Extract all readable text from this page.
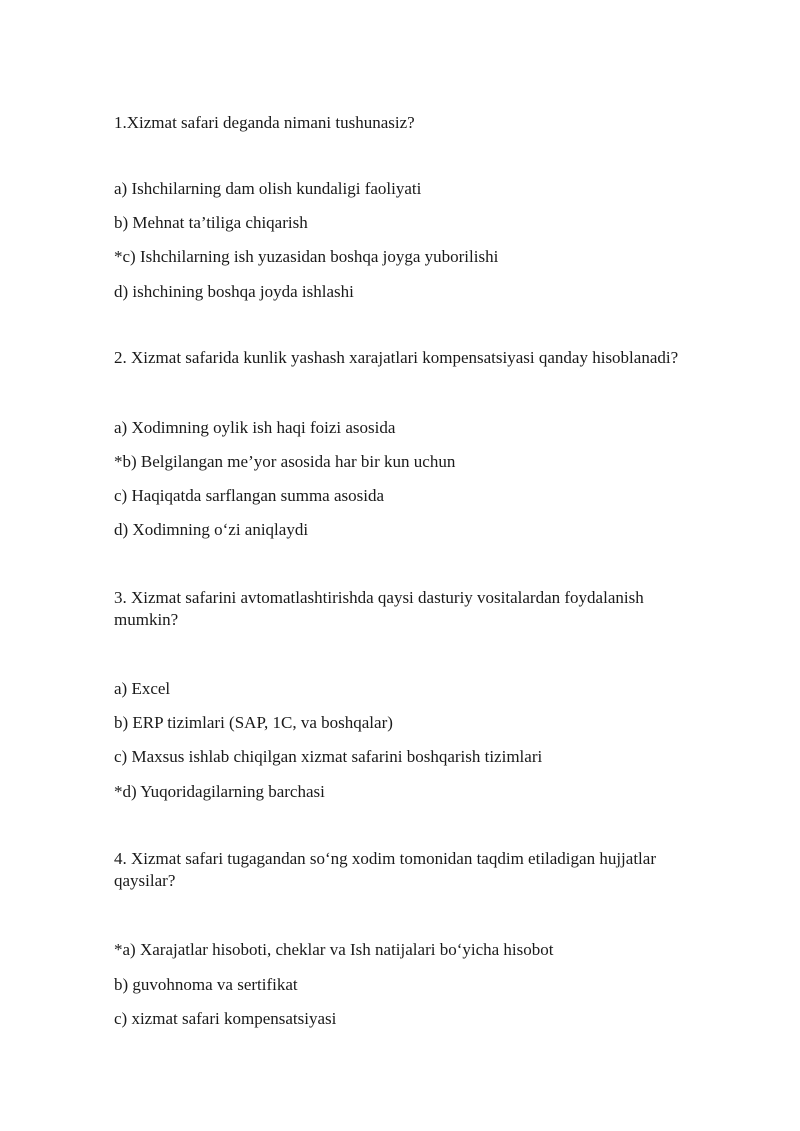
1.Xizmat safari deganda nimani tushunasiz?
a) Ishchilarning dam olish kundaligi faoliyati
b) Mehnat ta’tiliga chiqarish
*c) Ishchilarning ish yuzasidan boshqa joyga yuborilishi
d) ishchining boshqa joyda ishlashi
2. Xizmat safarida kunlik yashash xarajatlari kompensatsiyasi qanday hisoblanadi?
a) Xodimning oylik ish haqi foizi asosida
*b) Belgilangan me’yor asosida har bir kun uchun
c) Haqiqatda sarflangan summa asosida
d) Xodimning o‘zi aniqlaydi
3. Xizmat safarini avtomatlashtirishda qaysi dasturiy vositalardan foydalanish
mumkin?
a) Excel
b) ERP tizimlari (SAP, 1C, va boshqalar)
c) Maxsus ishlab chiqilgan xizmat safarini boshqarish tizimlari
*d) Yuqoridagilarning barchasi
4. Xizmat safari tugagandan so‘ng xodim tomonidan taqdim etiladigan hujjatlar
qaysilar?
*a) Xarajatlar hisoboti, cheklar va Ish natijalari bo‘yicha hisobot
b) guvohnoma va sertifikat
c) xizmat safari kompensatsiyasi
